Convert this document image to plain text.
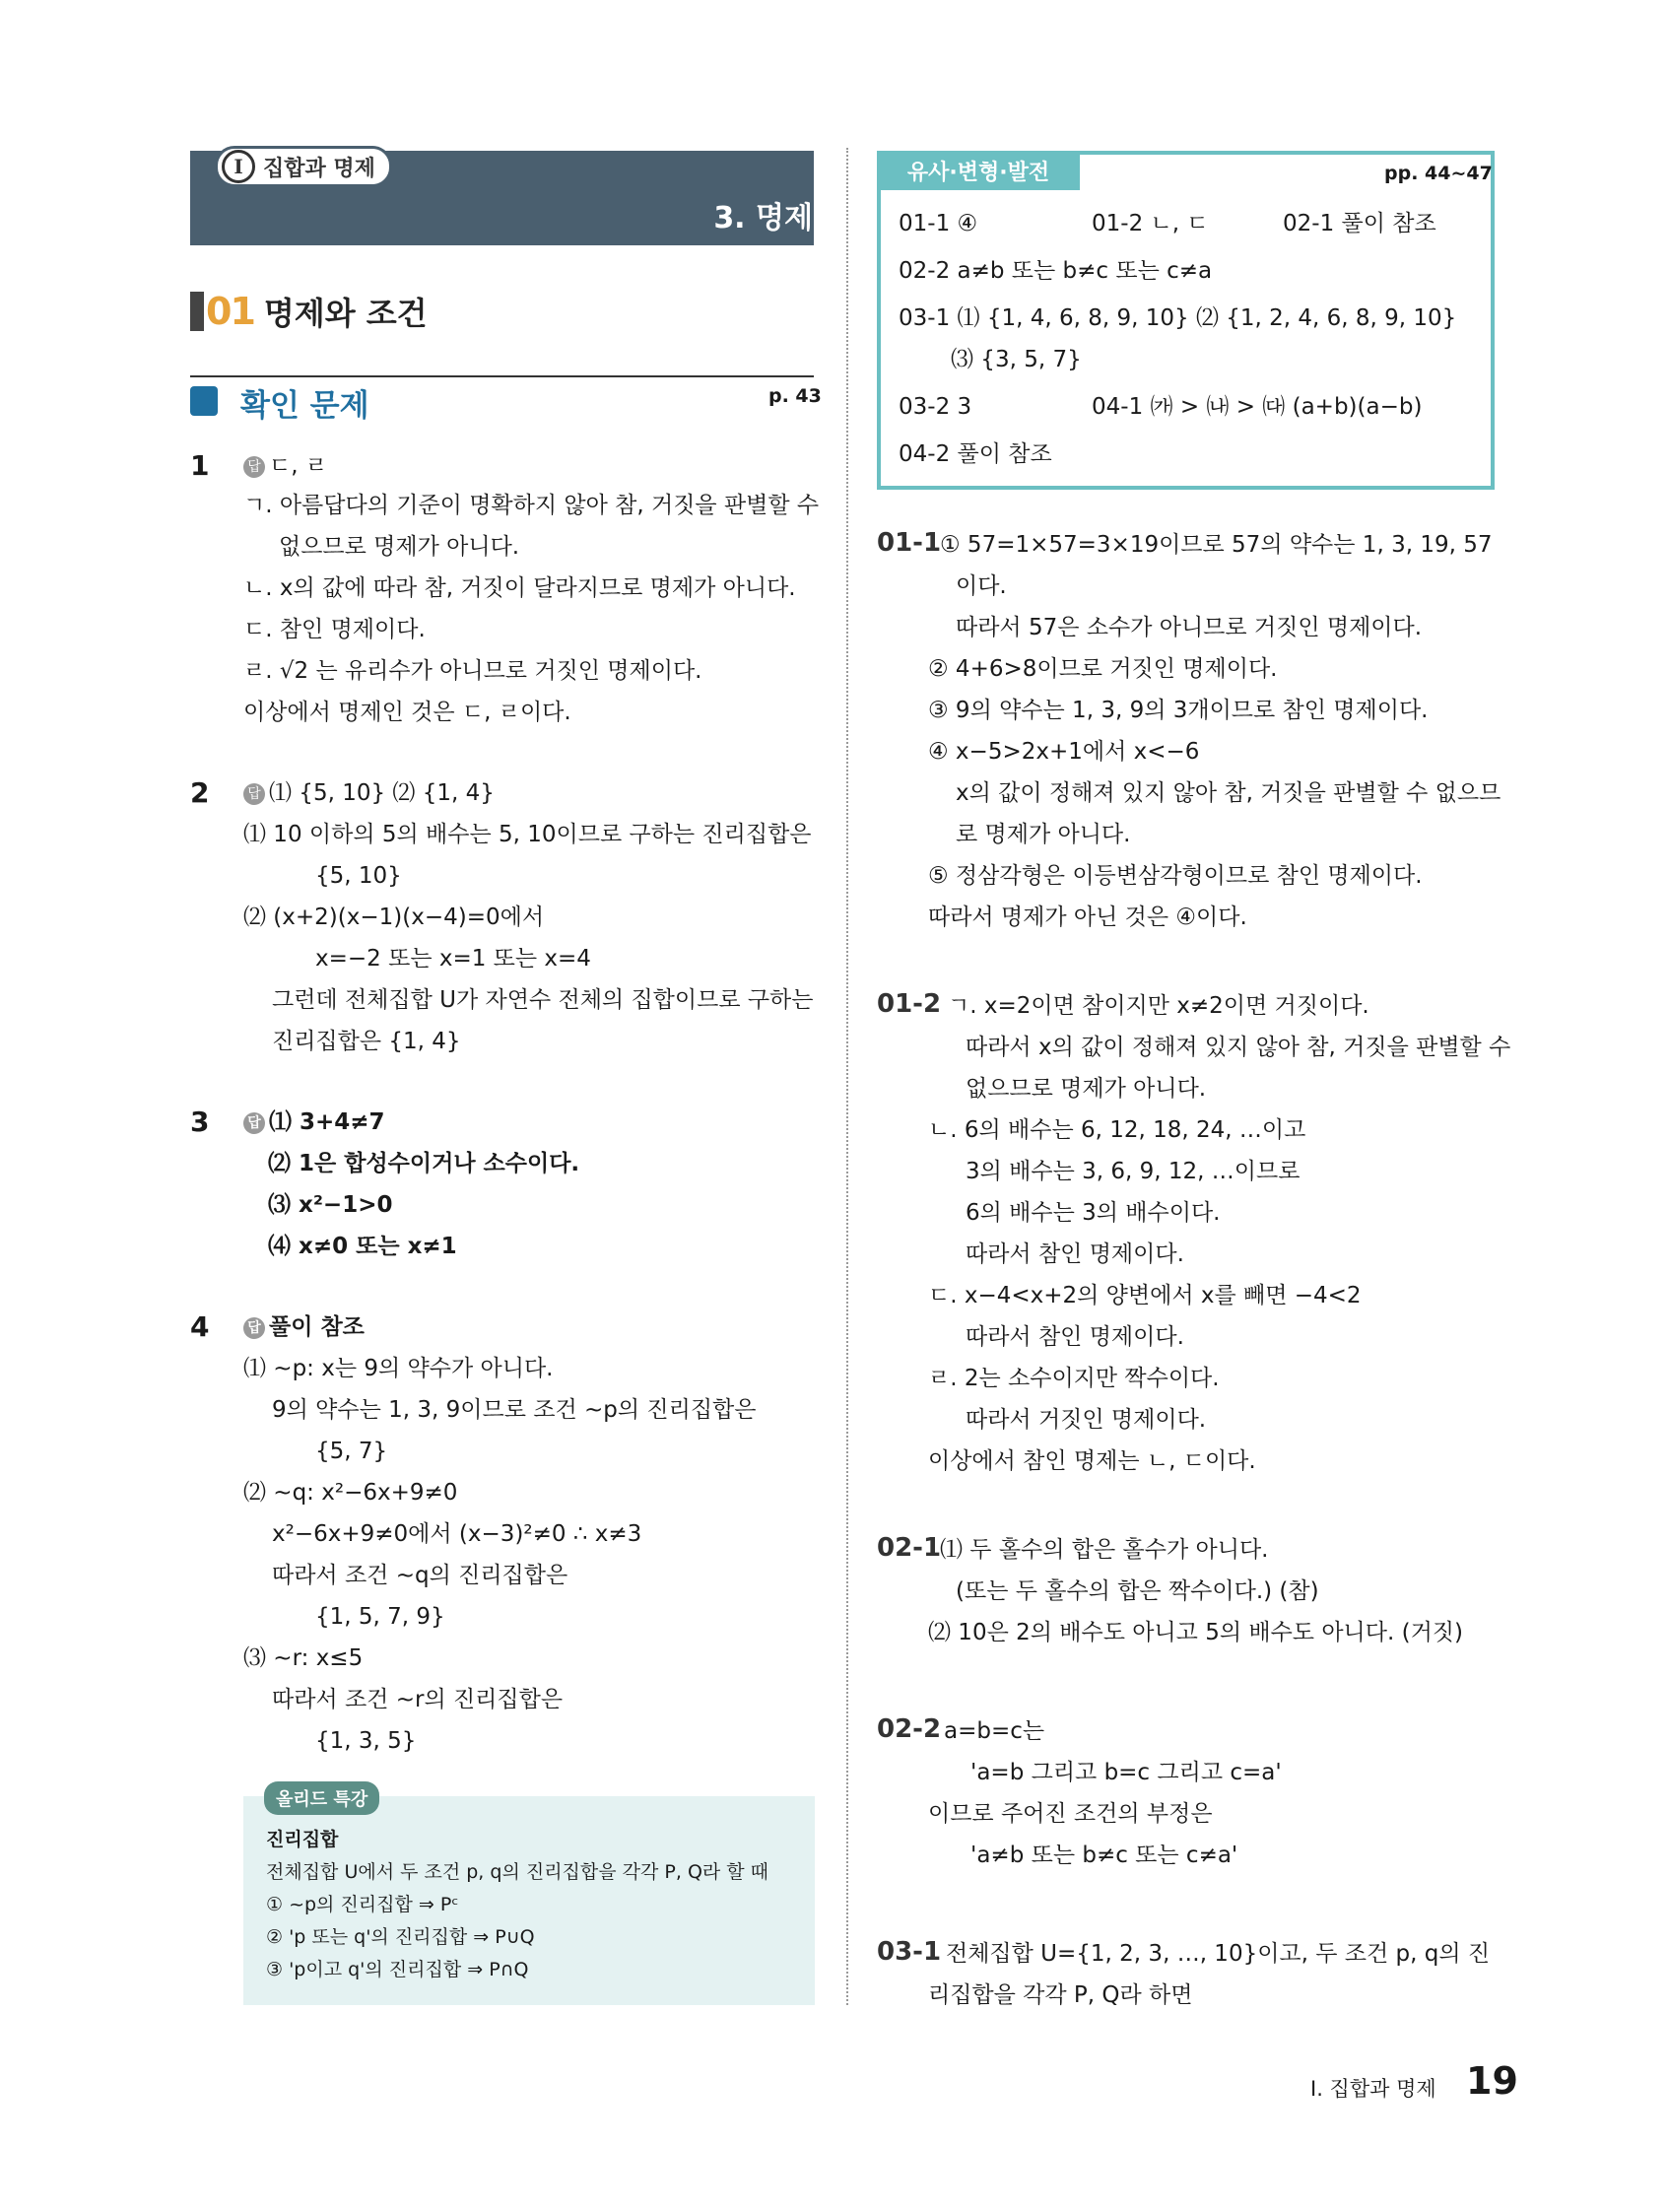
I 집합과 명제
3. 명제
01 명제와 조건
확인 문제	p. 43
1	답 ㄷ, ㄹ
ㄱ. 아름답다의 기준이 명확하지 않아 참, 거짓을 판별할 수
없으므로 명제가 아니다.
ㄴ. x의 값에 따라 참, 거짓이 달라지므로 명제가 아니다.
ㄷ. 참인 명제이다.
ㄹ. √2 는 유리수가 아니므로 거짓인 명제이다.
이상에서 명제인 것은 ㄷ, ㄹ이다.
2	답 ⑴ {5, 10} ⑵ {1, 4}
⑴ 10 이하의 5의 배수는 5, 10이므로 구하는 진리집합은
{5, 10}
⑵ (x+2)(x−1)(x−4)=0에서
x=−2 또는 x=1 또는 x=4
그런데 전체집합 U가 자연수 전체의 집합이므로 구하는
진리집합은 {1, 4}
3	답 ⑴ 3+4≠7
⑵ 1은 합성수이거나 소수이다.
⑶ x²−1>0
⑷ x≠0 또는 x≠1
4	답 풀이 참조
⑴ ~p: x는 9의 약수가 아니다.
9의 약수는 1, 3, 9이므로 조건 ~p의 진리집합은
{5, 7}
⑵ ~q: x²−6x+9≠0
x²−6x+9≠0에서 (x−3)²≠0 ∴ x≠3
따라서 조건 ~q의 진리집합은
{1, 5, 7, 9}
⑶ ~r: x≤5
따라서 조건 ~r의 진리집합은
{1, 3, 5}
올리드 특강
진리집합
전체집합 U에서 두 조건 p, q의 진리집합을 각각 P, Q라 할 때
① ~p의 진리집합 ⇒ Pᶜ
② 'p 또는 q'의 진리집합 ⇒ P∪Q
③ 'p이고 q'의 진리집합 ⇒ P∩Q
유사·변형·발전	pp. 44~47
01-1 ④	01-2 ㄴ, ㄷ	02-1 풀이 참조
02-2 a≠b 또는 b≠c 또는 c≠a
03-1 ⑴ {1, 4, 6, 8, 9, 10} ⑵ {1, 2, 4, 6, 8, 9, 10}
⑶ {3, 5, 7}
03-2 3	04-1 ㈎ > ㈏ > ㈐ (a+b)(a−b)
04-2 풀이 참조
01-1
① 57=1×57=3×19이므로 57의 약수는 1, 3, 19, 57
이다.
따라서 57은 소수가 아니므로 거짓인 명제이다.
② 4+6>8이므로 거짓인 명제이다.
③ 9의 약수는 1, 3, 9의 3개이므로 참인 명제이다.
④ x−5>2x+1에서 x<−6
x의 값이 정해져 있지 않아 참, 거짓을 판별할 수 없으므
로 명제가 아니다.
⑤ 정삼각형은 이등변삼각형이므로 참인 명제이다.
따라서 명제가 아닌 것은 ④이다.
01-2 ㄱ. x=2이면 참이지만 x≠2이면 거짓이다.
따라서 x의 값이 정해져 있지 않아 참, 거짓을 판별할 수
없으므로 명제가 아니다.
ㄴ. 6의 배수는 6, 12, 18, 24, …이고
3의 배수는 3, 6, 9, 12, …이므로
6의 배수는 3의 배수이다.
따라서 참인 명제이다.
ㄷ. x−4<x+2의 양변에서 x를 빼면 −4<2
따라서 참인 명제이다.
ㄹ. 2는 소수이지만 짝수이다.
따라서 거짓인 명제이다.
이상에서 참인 명제는 ㄴ, ㄷ이다.
02-1
⑴ 두 홀수의 합은 홀수가 아니다.
(또는 두 홀수의 합은 짝수이다.) (참)
⑵ 10은 2의 배수도 아니고 5의 배수도 아니다. (거짓)
02-2 a=b=c는
'a=b 그리고 b=c 그리고 c=a'
이므로 주어진 조건의 부정은
'a≠b 또는 b≠c 또는 c≠a'
03-1 전체집합 U={1, 2, 3, …, 10}이고, 두 조건 p, q의 진
리집합을 각각 P, Q라 하면
I. 집합과 명제 19
